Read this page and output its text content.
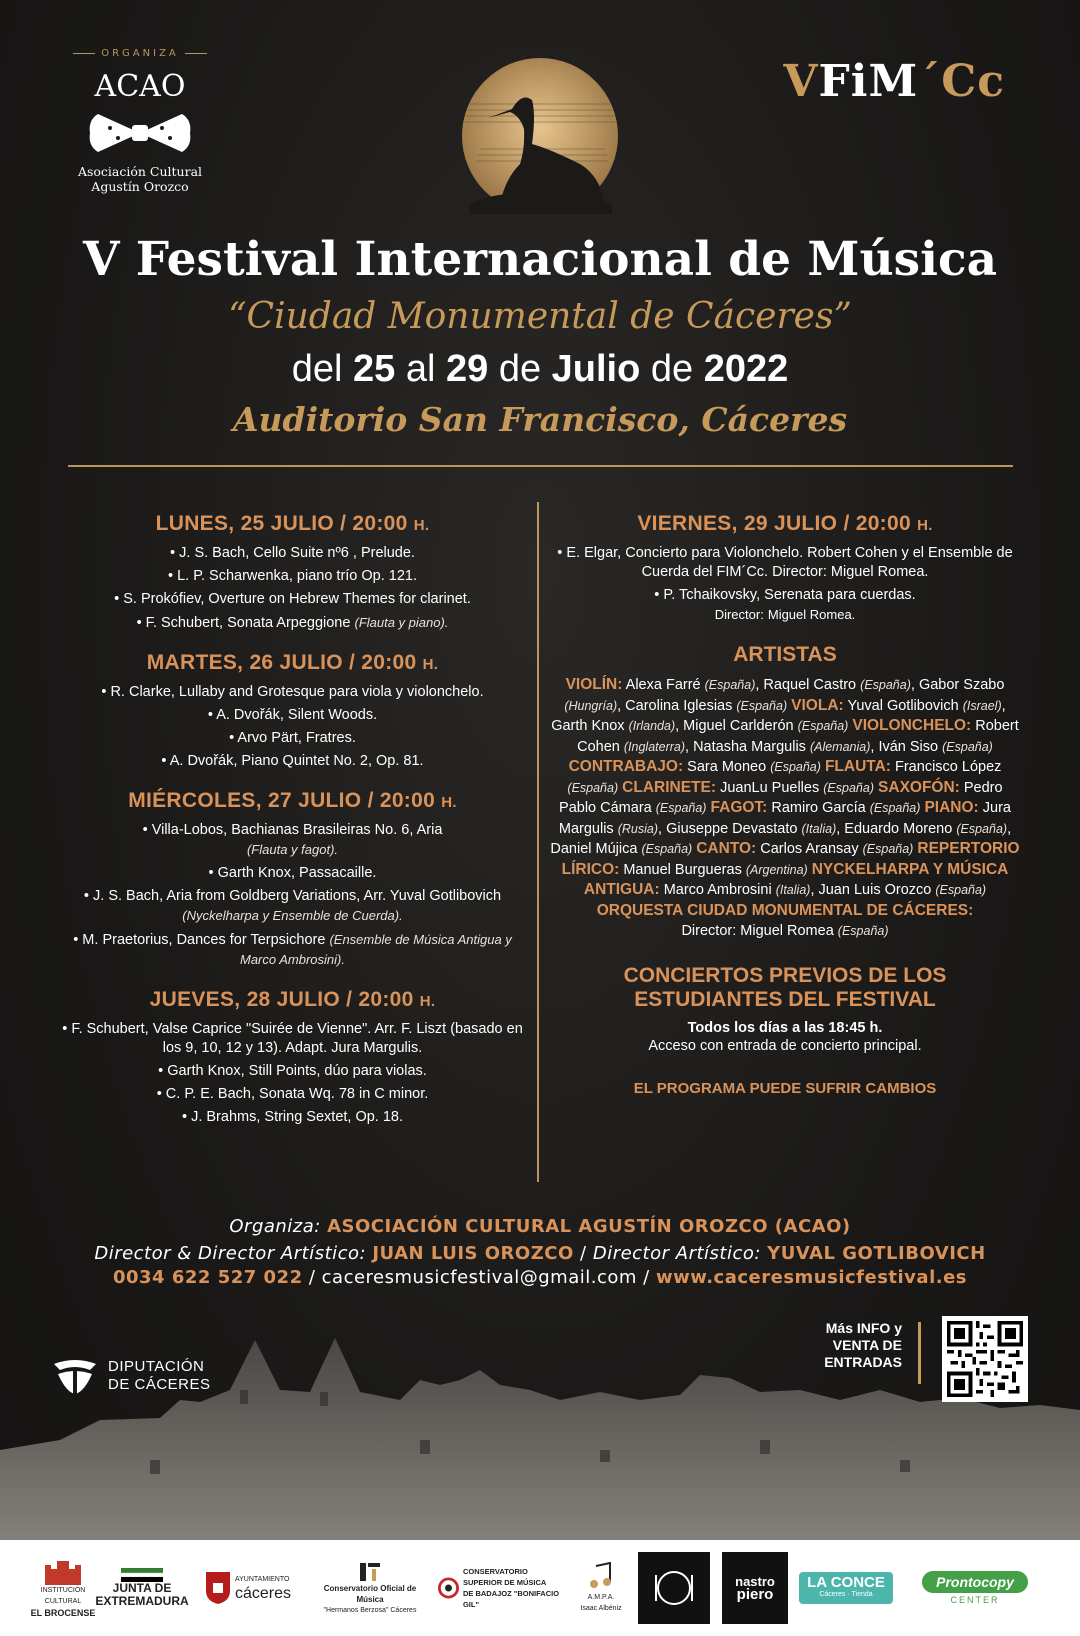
ORGANIZA
ACAO
Asociación Cultural
Agustín Orozco
VFiM´Cc
V Festival Internacional de Música
“Ciudad Monumental de Cáceres”
del 25 al 29 de Julio de 2022
Auditorio San Francisco, Cáceres
LUNES, 25 JULIO / 20:00 H.
• J. S. Bach, Cello Suite nº6 , Prelude.
• L. P. Scharwenka, piano trío Op. 121.
• S. Prokófiev, Overture on Hebrew Themes for clarinet.
• F. Schubert, Sonata Arpeggione (Flauta y piano).
MARTES, 26 JULIO / 20:00 H.
• R. Clarke, Lullaby and Grotesque para viola y violonchelo.
• A. Dvořák, Silent Woods.
• Arvo Pärt, Fratres.
• A. Dvořák, Piano Quintet No. 2, Op. 81.
MIÉRCOLES, 27 JULIO / 20:00 H.
• Villa-Lobos, Bachianas Brasileiras No. 6, Aria
(Flauta y fagot).
• Garth Knox, Passacaille.
• J. S. Bach, Aria from Goldberg Variations, Arr. Yuval Gotlibovich (Nyckelharpa y Ensemble de Cuerda).
• M. Praetorius, Dances for Terpsichore (Ensemble de Música Antigua y Marco Ambrosini).
JUEVES, 28 JULIO / 20:00 H.
• F. Schubert, Valse Caprice "Suirée de Vienne". Arr. F. Liszt (basado en los 9, 10, 12 y 13). Adapt. Jura Margulis.
• Garth Knox, Still Points, dúo para violas.
• C. P. E. Bach, Sonata Wq. 78 in C minor.
• J. Brahms, String Sextet, Op. 18.
VIERNES, 29 JULIO / 20:00 H.
• E. Elgar, Concierto para Violonchelo. Robert Cohen y el Ensemble de Cuerda del FIM´Cc. Director: Miguel Romea.
• P. Tchaikovsky, Serenata para cuerdas.
Director: Miguel Romea.
ARTISTAS
VIOLÍN: Alexa Farré (España), Raquel Castro (España), Gabor Szabo (Hungría), Carolina Iglesias (España) VIOLA: Yuval Gotlibovich (Israel), Garth Knox (Irlanda), Miguel Carlderón (España) VIOLONCHELO: Robert Cohen (Inglaterra), Natasha Margulis (Alemania), Iván Siso (España) CONTRABAJO: Sara Moneo (España) FLAUTA: Francisco López (España) CLARINETE: JuanLu Puelles (España) SAXOFÓN: Pedro Pablo Cámara (España) FAGOT: Ramiro García (España) PIANO: Jura Margulis (Rusia), Giuseppe Devastato (Italia), Eduardo Moreno (España), Daniel Mújica (España) CANTO: Carlos Aransay (España) REPERTORIO LÍRICO: Manuel Burgueras (Argentina) NYCKELHARPA Y MÚSICA ANTIGUA: Marco Ambrosini (Italia), Juan Luis Orozco (España)
ORQUESTA CIUDAD MONUMENTAL DE CÁCERES:
Director: Miguel Romea (España)
CONCIERTOS PREVIOS DE LOS
ESTUDIANTES DEL FESTIVAL
Todos los días a las 18:45 h.
Acceso con entrada de concierto principal.
EL PROGRAMA PUEDE SUFRIR CAMBIOS
Organiza: ASOCIACIÓN CULTURAL AGUSTÍN OROZCO (ACAO)
Director & Director Artístico: JUAN LUIS OROZCO / Director Artístico: YUVAL GOTLIBOVICH
0034 622 527 022 / caceresmusicfestival@gmail.com / www.caceresmusicfestival.es
DIPUTACIÓN
DE CÁCERES
Más INFO y
VENTA DE
ENTRADAS
INSTITUCIÓN CULTURAL
EL BROCENSE
JUNTA DE
EXTREMADURA
AYUNTAMIENTO
cáceres	Conservatorio Oficial de Música
"Hermanos Berzosa" Cáceres
CONSERVATORIO SUPERIOR DE MÚSICA
DE BADAJOZ "BONIFACIO GIL"
A.M.P.A.
Isaac Albéniz
nastro
piero
LA CONCE
Cáceres · Tienda
Prontocopy
CENTER
